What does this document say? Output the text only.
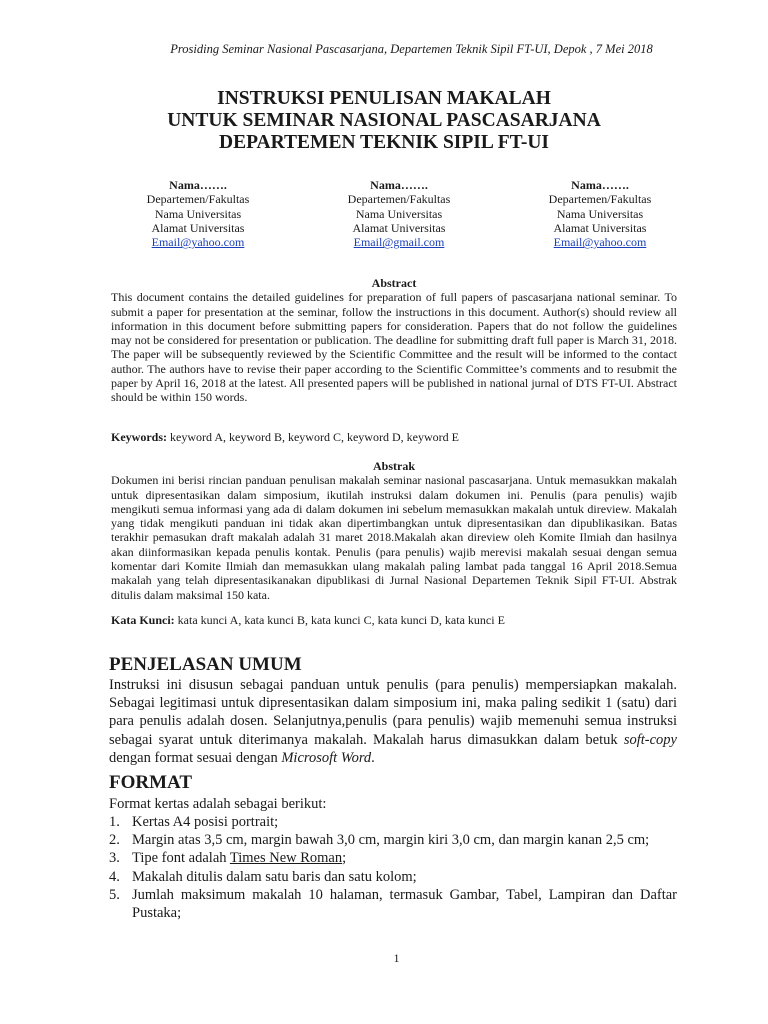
Prosiding Seminar Nasional Pascasarjana, Departemen Teknik Sipil FT-UI, Depok , 7 Mei 2018
INSTRUKSI PENULISAN MAKALAH
UNTUK SEMINAR NASIONAL PASCASARJANA
DEPARTEMEN TEKNIK SIPIL FT-UI
Nama…….
Departemen/Fakultas
Nama Universitas
Alamat Universitas
Email@yahoo.com
Nama…….
Departemen/Fakultas
Nama Universitas
Alamat Universitas
Email@gmail.com
Nama…….
Departemen/Fakultas
Nama Universitas
Alamat Universitas
Email@yahoo.com
Abstract
This document contains the detailed guidelines for preparation of full papers of pascasarjana national seminar. To submit a paper for presentation at the seminar, follow the instructions in this document. Author(s) should review all information in this document before submitting papers for consideration. Papers that do not follow the guidelines may not be considered for presentation or publication. The deadline for submitting draft full paper is March 31, 2018. The paper will be subsequently reviewed by the Scientific Committee and the result will be informed to the contact author. The authors have to revise their paper according to the Scientific Committee’s comments and to resubmit the paper by April 16, 2018 at the latest. All presented papers will be published in national jurnal of DTS FT-UI. Abstract should be within 150 words.
Keywords: keyword A, keyword B, keyword C, keyword D, keyword E
Abstrak
Dokumen ini berisi rincian panduan penulisan makalah seminar nasional pascasarjana. Untuk memasukkan makalah untuk dipresentasikan dalam simposium, ikutilah instruksi dalam dokumen ini. Penulis (para penulis) wajib mengikuti semua informasi yang ada di dalam dokumen ini sebelum memasukkan makalah untuk direview. Makalah yang tidak mengikuti panduan ini tidak akan dipertimbangkan untuk dipresentasikan dan dipublikasikan. Batas terakhir pemasukan draft makalah adalah 31 maret 2018.Makalah akan direview oleh Komite Ilmiah dan hasilnya akan diinformasikan kepada penulis kontak. Penulis (para penulis) wajib merevisi makalah sesuai dengan semua komentar dari Komite Ilmiah dan memasukkan ulang makalah paling lambat pada tanggal 16 April 2018.Semua makalah yang telah dipresentasikanakan dipublikasi di Jurnal Nasional Departemen Teknik Sipil FT-UI. Abstrak ditulis dalam maksimal 150 kata.
Kata Kunci: kata kunci A, kata kunci B, kata kunci C, kata kunci D, kata kunci E
PENJELASAN UMUM
Instruksi ini disusun sebagai panduan untuk penulis (para penulis) mempersiapkan makalah. Sebagai legitimasi untuk dipresentasikan dalam simposium ini, maka paling sedikit 1 (satu) dari para penulis adalah dosen. Selanjutnya,penulis (para penulis) wajib memenuhi semua instruksi sebagai syarat untuk diterimanya makalah. Makalah harus dimasukkan dalam betuk soft-copy dengan format sesuai dengan Microsoft Word.
FORMAT
Format kertas adalah sebagai berikut:
1. Kertas A4 posisi portrait;
2. Margin atas 3,5 cm, margin bawah 3,0 cm, margin kiri 3,0 cm, dan margin kanan 2,5 cm;
3. Tipe font adalah Times New Roman;
4. Makalah ditulis dalam satu baris dan satu kolom;
5. Jumlah maksimum makalah 10 halaman, termasuk Gambar, Tabel, Lampiran dan Daftar Pustaka;
1
